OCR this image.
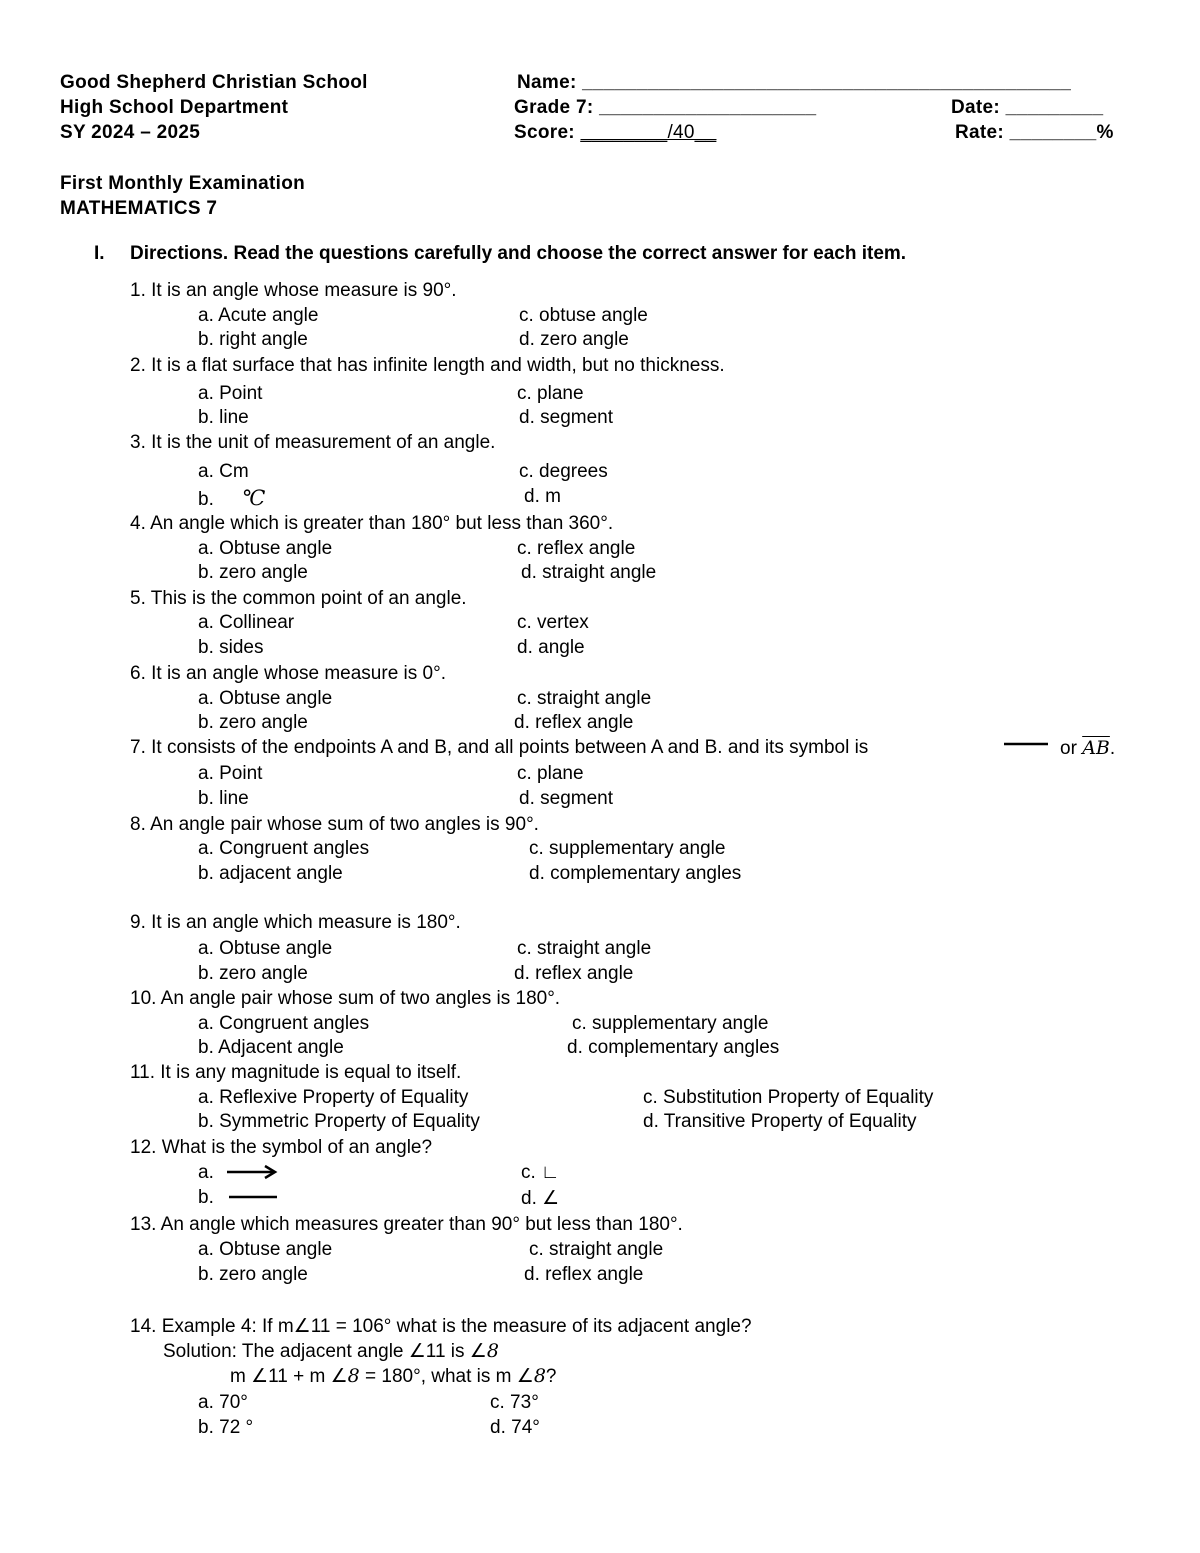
Good Shepherd Christian School
High School Department
SY 2024 – 2025
Name: _____________________________________________
Grade 7: ____________________	Date: _________
Score: ________/40__	Rate: ________%
First Monthly Examination
MATHEMATICS 7
I. Directions. Read the questions carefully and choose the correct answer for each item.
1. It is an angle whose measure is 90°.
a. Acute angle
b. right angle
c. obtuse angle
d. zero angle
2. It is a flat surface that has infinite length and width, but no thickness.
a. Point
b. line
c. plane
d. segment
3. It is the unit of measurement of an angle.
a. Cm
b. ℃
c. degrees
d. m
4. An angle which is greater than 180° but less than 360°.
a. Obtuse angle
b. zero angle
c. reflex angle
d. straight angle
5. This is the common point of an angle.
a. Collinear
b. sides
c. vertex
d. angle
6. It is an angle whose measure is 0°.
a. Obtuse angle
b. zero angle
c. straight angle
d. reflex angle
7. It consists of the endpoints A and B, and all points between A and B. and its symbol is	or $\overline{AB}$.
a. Point
b. line
c. plane
d. segment
8. An angle pair whose sum of two angles is 90°.
a. Congruent angles
b. adjacent angle
c. supplementary angle
d. complementary angles
9. It is an angle which measure is 180°.
a. Obtuse angle
b. zero angle
c. straight angle
d. reflex angle
10. An angle pair whose sum of two angles is 180°.
a. Congruent angles
b. Adjacent angle
c. supplementary angle
d. complementary angles
11. It is any magnitude is equal to itself.
a. Reflexive Property of Equality
b. Symmetric Property of Equality
c. Substitution Property of Equality
d. Transitive Property of Equality
12. What is the symbol of an angle?
a.
b.
c. ∟
d. ∠
13. An angle which measures greater than 90° but less than 180°.
a. Obtuse angle
b. zero angle
c. straight angle
d. reflex angle
14. Example 4: If m∠11 = 106° what is the measure of its adjacent angle?
Solution: The adjacent angle ∠11 is ∠8
m ∠11 + m ∠8 = 180°, what is m ∠8?
a. 70°
b. 72 °
c. 73°
d. 74°
